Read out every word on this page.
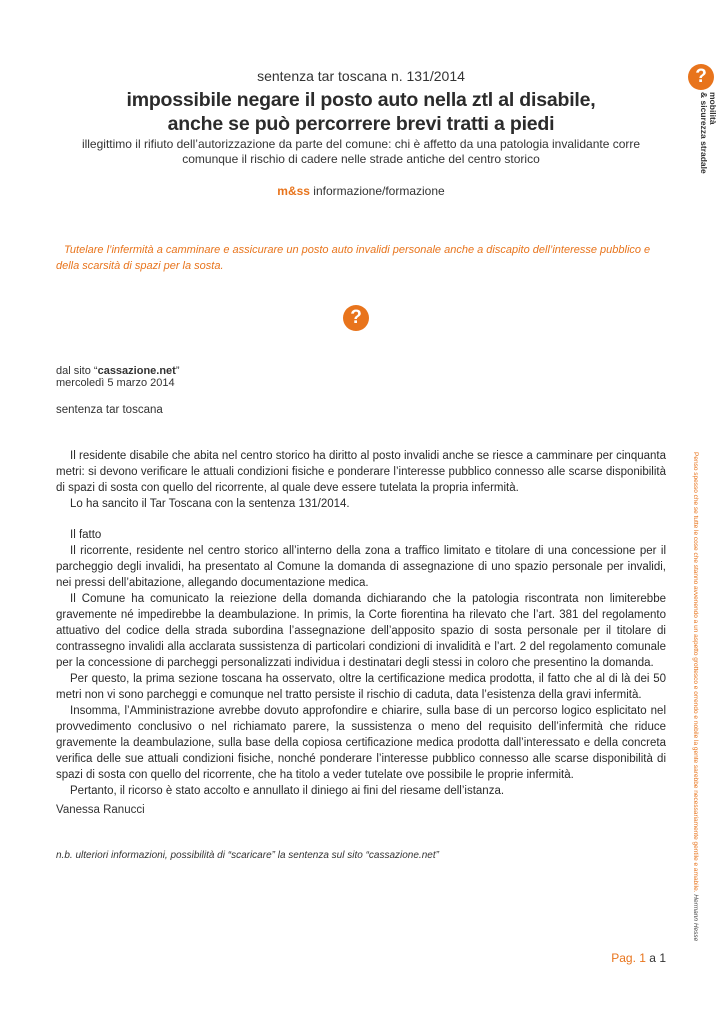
?
mobilità
& sicurezza stradale
sentenza tar toscana n. 131/2014
impossibile negare il posto auto nella ztl al disabile,
anche se può percorrere brevi tratti a piedi
illegittimo il rifiuto dell’autorizzazione da parte del comune: chi è affetto da una patologia invalidante corre comunque il rischio di cadere nelle strade antiche del centro storico
m&ss informazione/formazione
Tutelare l’infermità a camminare e assicurare un posto auto invalidi personale anche a discapito dell’interesse pubblico e della scarsità di spazi per la sosta.
?
dal sito “cassazione.net”
mercoledì 5 marzo 2014
sentenza tar toscana

Il residente disabile che abita nel centro storico ha diritto al posto invalidi anche se riesce a camminare per cinquanta metri: si devono verificare le attuali condizioni fisiche e ponderare l’interesse pubblico connesso alle scarse disponibilità di spazi di sosta con quello del ricorrente, al quale deve essere tutelata la propria infermità.

Lo ha sancito il Tar Toscana con la sentenza 131/2014.

Il fatto

Il ricorrente, residente nel centro storico all’interno della zona a traffico limitato e titolare di una concessione per il parcheggio degli invalidi, ha presentato al Comune la domanda di assegnazione di uno spazio personale per invalidi, nei pressi dell’abitazione, allegando documentazione medica.

Il Comune ha comunicato la reiezione della domanda dichiarando che la patologia riscontrata non limiterebbe gravemente né impedirebbe la deambulazione. In primis, la Corte fiorentina ha rilevato che l’art. 381 del regolamento attuativo del codice della strada subordina l’assegnazione dell’apposito spazio di sosta personale per il titolare di contrassegno invalidi alla acclarata sussistenza di particolari condizioni di invalidità e l’art. 2 del regolamento comunale per la concessione di parcheggi personalizzati individua i destinatari degli stessi in coloro che presentino la domanda.

Per questo, la prima sezione toscana ha osservato, oltre la certificazione medica prodotta, il fatto che al di là dei 50 metri non vi sono parcheggi e comunque nel tratto persiste il rischio di caduta, data l’esistenza della gravi infermità.

Insomma, l’Amministrazione avrebbe dovuto approfondire e chiarire, sulla base di un percorso logico esplicitato nel provvedimento conclusivo o nel richiamato parere, la sussistenza o meno del requisito dell’infermità che riduce gravemente la deambulazione, sulla base della copiosa certificazione medica prodotta dall’interessato e della concreta verifica delle sue attuali condizioni fisiche, nonché ponderare l’interesse pubblico connesso alle scarse disponibilità di spazi di sosta con quello del ricorrente, che ha titolo a veder tutelate ove possibile le proprie infermità.

Pertanto, il ricorso è stato accolto e annullato il diniego ai fini del riesame dell’istanza.

Vanessa Ranucci
n.b. ulteriori informazioni, possibilità di “scaricare” la sentenza sul sito “cassazione.net”
Pag. 1 a 1
Penso spesso che se tutte le cose che stanno avvenendo a un aspetto grottesco e orrendo e nobile la gente sarebbe necessariamente gentile e amabile. Hermann Hesse
